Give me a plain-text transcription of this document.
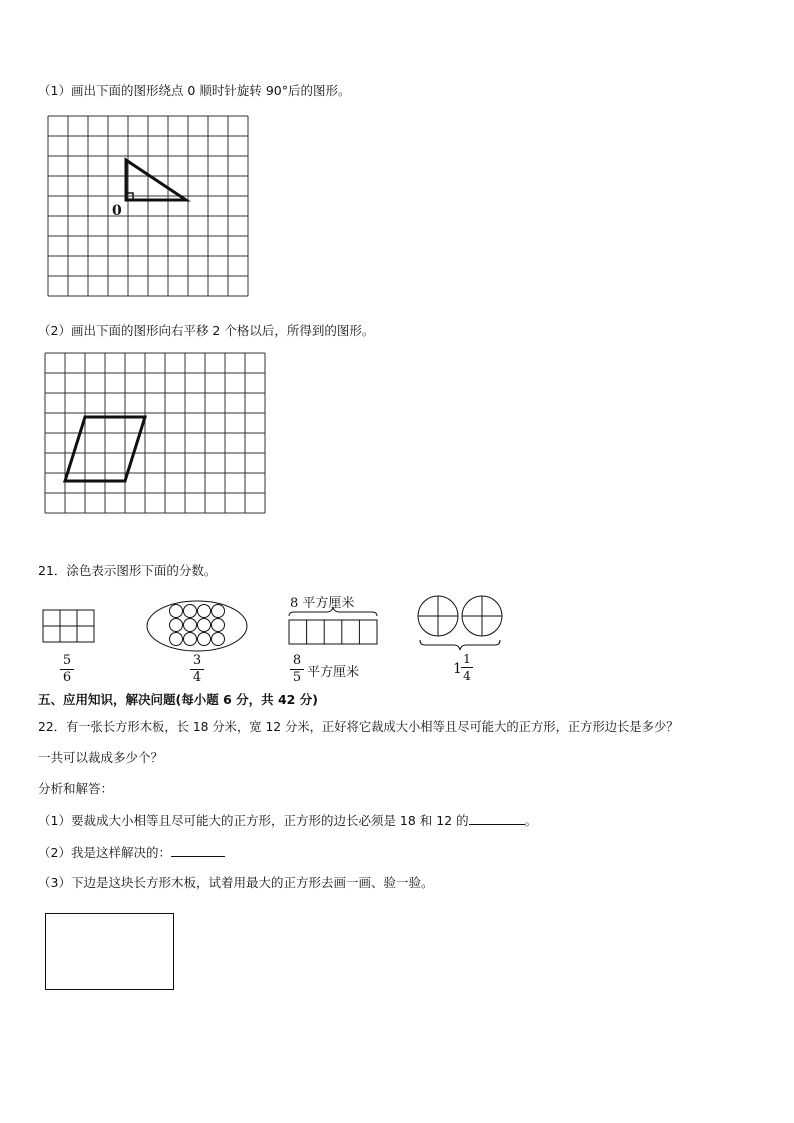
（1）画出下面的图形绕点 0 顺时针旋转 90°后的图形。
0
（2）画出下面的图形向右平移 2 个格以后，所得到的图形。
21．涂色表示图形下面的分数。
8 平方厘米
5
6
3
4
8
5 平方厘米	1
1
4
五、应用知识，解决问题(每小题 6 分，共 42 分)
22．有一张长方形木板，长 18 分米，宽 12 分米，正好将它裁成大小相等且尽可能大的正方形，正方形边长是多少？
一共可以裁成多少个？
分析和解答：
（1）要裁成大小相等且尽可能大的正方形，正方形的边长必须是 18 和 12 的	。
（2）我是这样解决的：
（3）下边是这块长方形木板，试着用最大的正方形去画一画、验一验。
